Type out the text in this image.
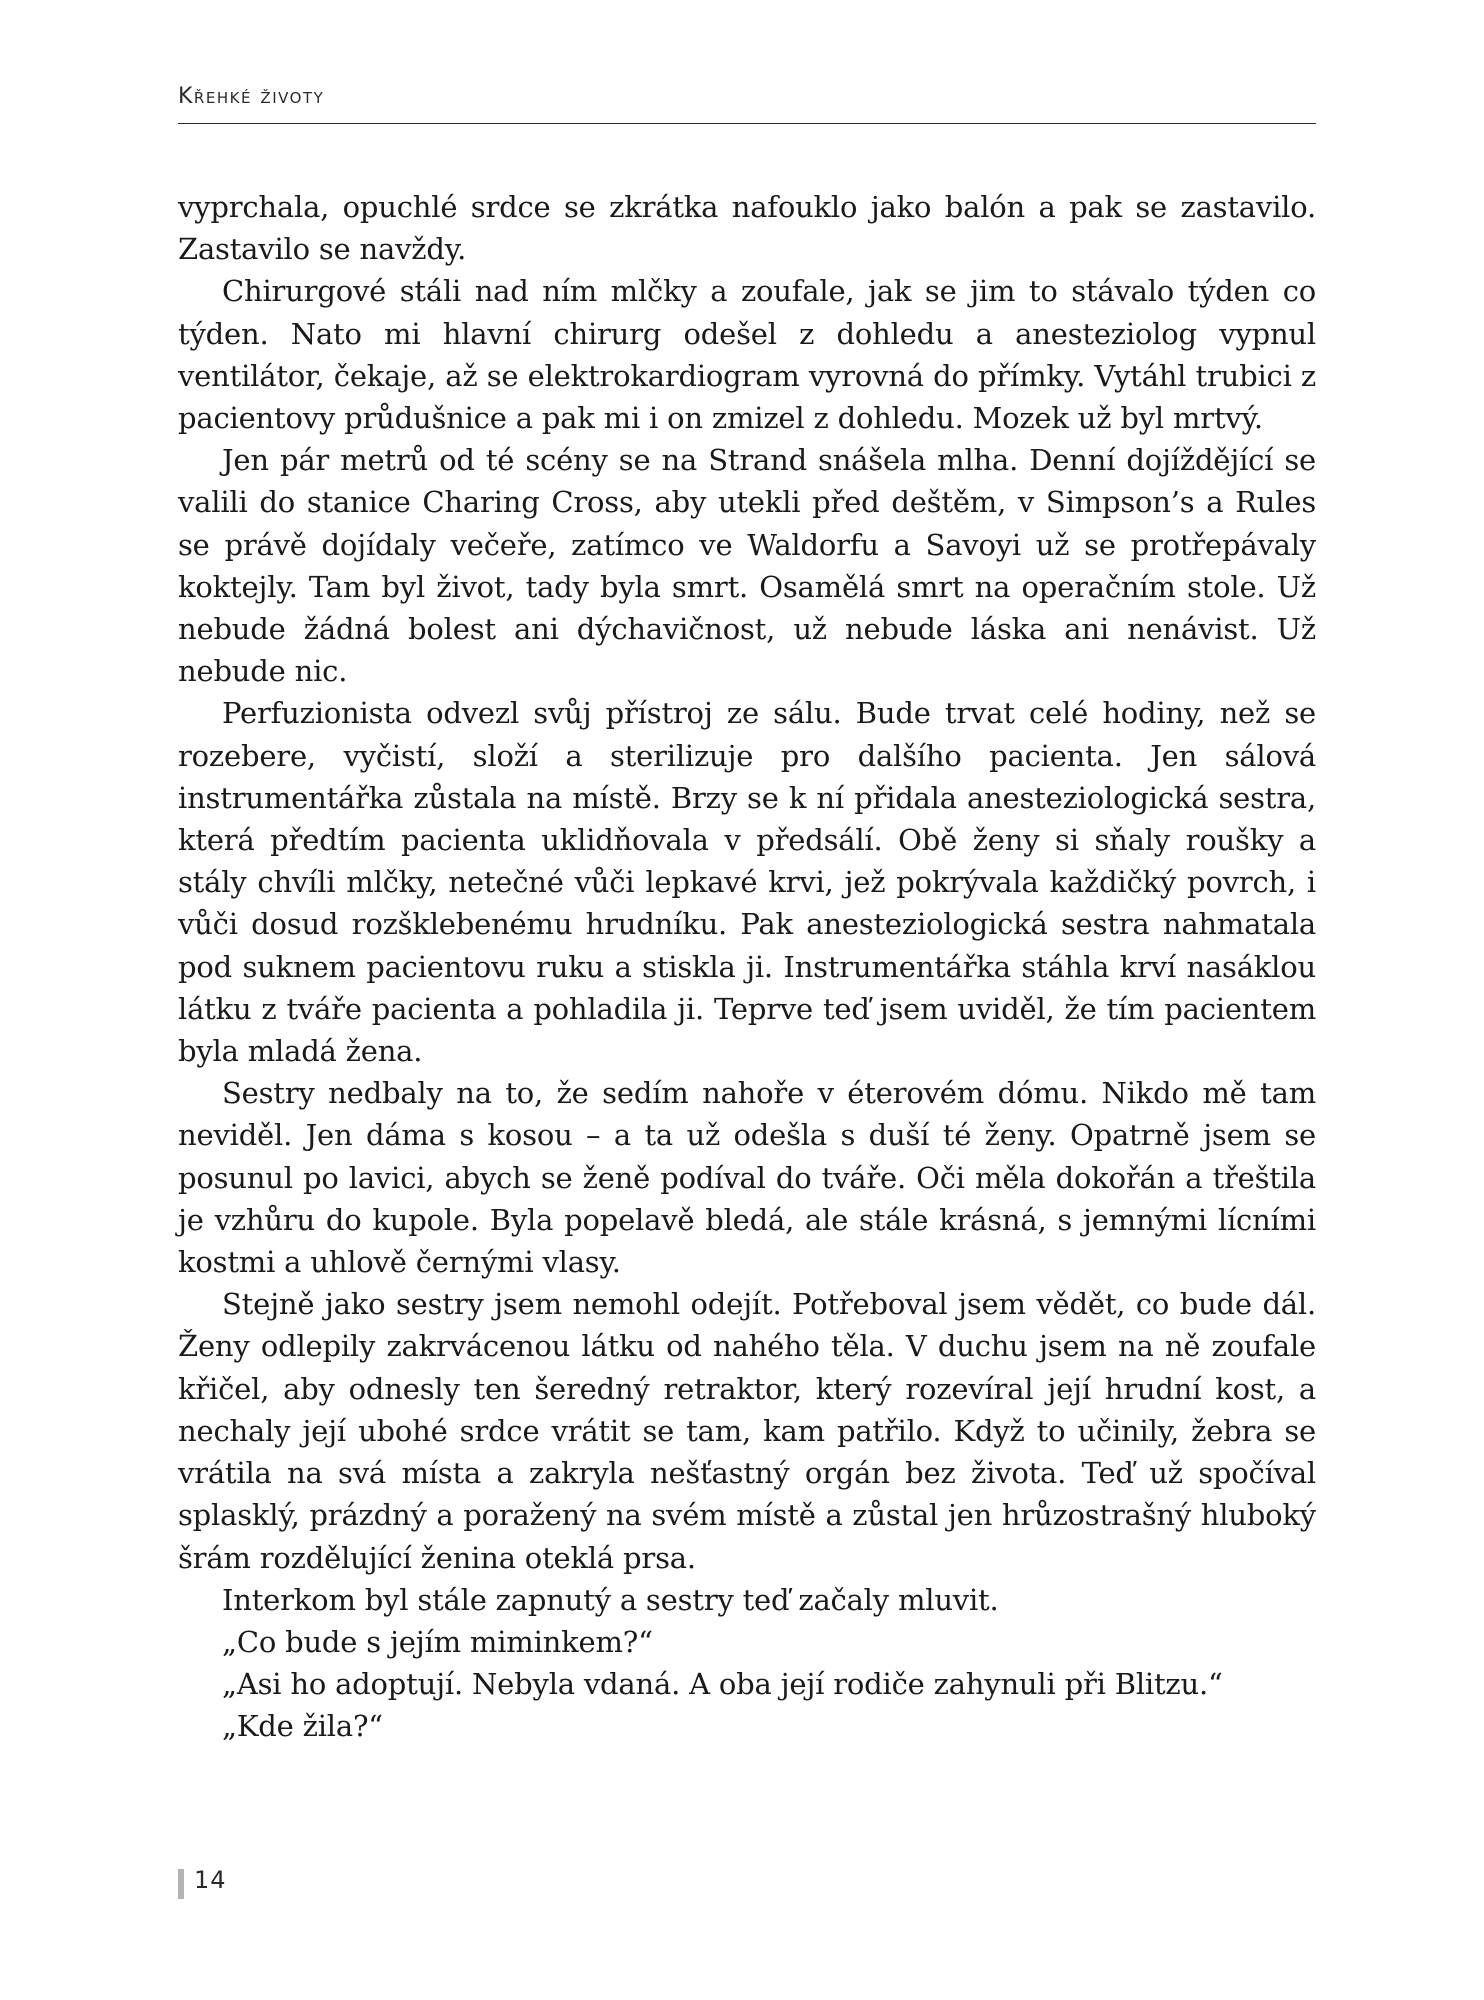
Křehké životy

vyprchala, opuchlé srdce se zkrátka nafouklo jako balón a pak se zastavilo. Zastavilo se navždy.

Chirurgové stáli nad ním mlčky a zoufale, jak se jim to stávalo týden co týden. Nato mi hlavní chirurg odešel z dohledu a anesteziolog vypnul ventilátor, čekaje, až se elektrokardiogram vyrovná do přímky. Vytáhl trubici z pacientovy průdušnice a pak mi i on zmizel z dohledu. Mozek už byl mrtvý.

Jen pár metrů od té scény se na Strand snášela mlha. Denní dojíždějící se valili do stanice Charing Cross, aby utekli před deštěm, v Simpson’s a Rules se právě dojídaly večeře, zatímco ve Waldorfu a Savoyi už se protřepávaly koktejly. Tam byl život, tady byla smrt. Osamělá smrt na operačním stole. Už nebude žádná bolest ani dýchavičnost, už nebude láska ani nenávist. Už nebude nic.

Perfuzionista odvezl svůj přístroj ze sálu. Bude trvat celé hodiny, než se rozebere, vyčistí, složí a sterilizuje pro dalšího pacienta. Jen sálová instrumentářka zůstala na místě. Brzy se k ní přidala anesteziologická sestra, která předtím pacienta uklidňovala v předsálí. Obě ženy si sňaly roušky a stály chvíli mlčky, netečné vůči lepkavé krvi, jež pokrývala každičký povrch, i vůči dosud rozšklebenému hrudníku. Pak anesteziologická sestra nahmatala pod suknem pacientovu ruku a stiskla ji. Instrumentářka stáhla krví nasáklou látku z tváře pacienta a pohladila ji. Teprve teď jsem uviděl, že tím pacientem byla mladá žena.

Sestry nedbaly na to, že sedím nahoře v éterovém dómu. Nikdo mě tam neviděl. Jen dáma s kosou – a ta už odešla s duší té ženy. Opatrně jsem se posunul po lavici, abych se ženě podíval do tváře. Oči měla dokořán a třeštila je vzhůru do kupole. Byla popelavě bledá, ale stále krásná, s jemnými lícními kostmi a uhlově černými vlasy.

Stejně jako sestry jsem nemohl odejít. Potřeboval jsem vědět, co bude dál. Ženy odlepily zakrvácenou látku od nahého těla. V duchu jsem na ně zoufale křičel, aby odnesly ten šeredný retraktor, který rozevíral její hrudní kost, a nechaly její ubohé srdce vrátit se tam, kam patřilo. Když to učinily, žebra se vrátila na svá místa a zakryla nešťastný orgán bez života. Teď už spočíval splasklý, prázdný a poražený na svém místě a zůstal jen hrůzostrašný hluboký šrám rozdělující ženina oteklá prsa.

Interkom byl stále zapnutý a sestry teď začaly mluvit.

„Co bude s jejím miminkem?“

„Asi ho adoptují. Nebyla vdaná. A oba její rodiče zahynuli při Blitzu.“

„Kde žila?“

14
